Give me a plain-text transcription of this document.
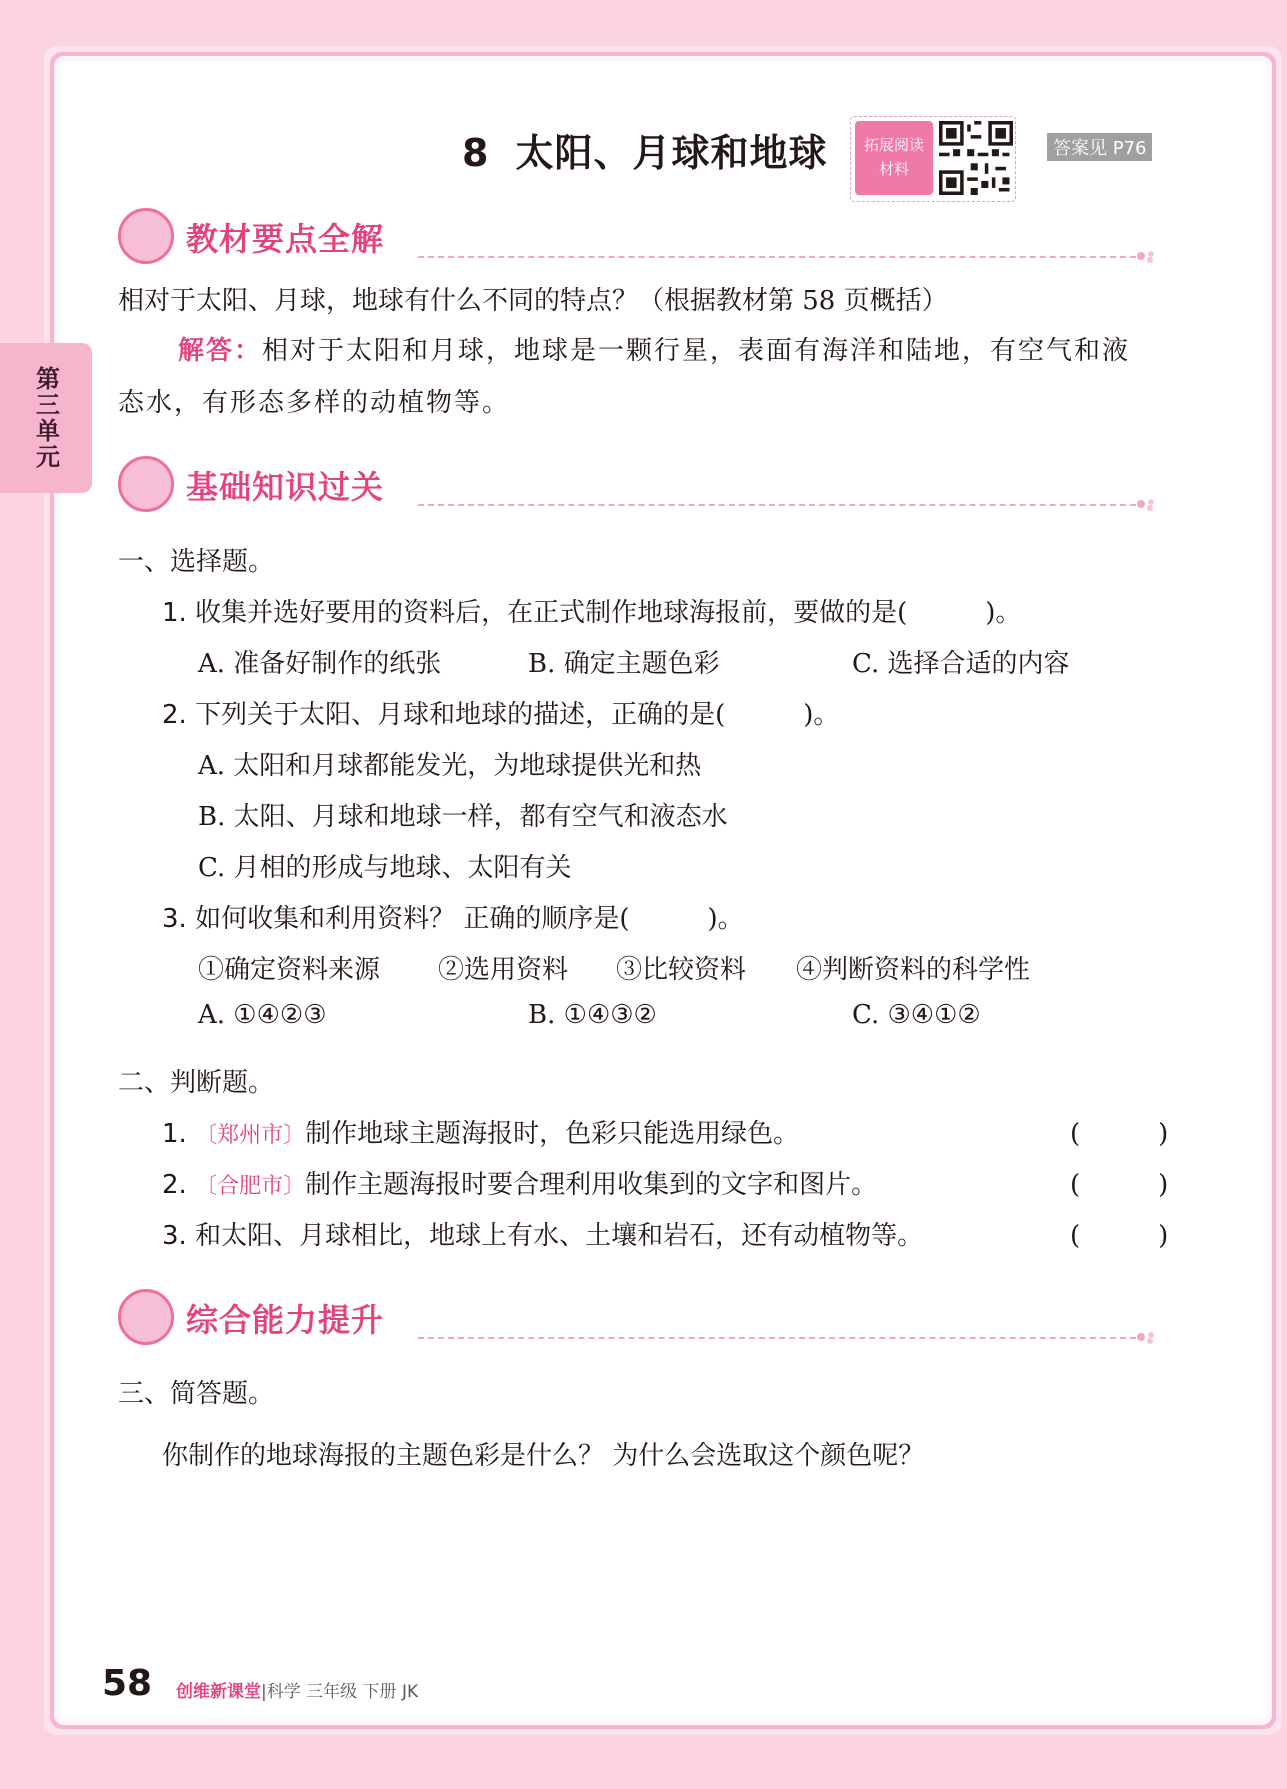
第三单元
8 太阳、月球和地球	拓展阅读
材料
答案见 P76
教材要点全解
相对于太阳、月球，地球有什么不同的特点？（根据教材第 58 页概括）
解答：相对于太阳和月球，地球是一颗行星，表面有海洋和陆地，有空气和液
态水，有形态多样的动植物等。
基础知识过关
一、选择题。
1. 收集并选好要用的资料后，在正式制作地球海报前，要做的是(　　　)。
A. 准备好制作的纸张	B. 确定主题色彩	C. 选择合适的内容
2. 下列关于太阳、月球和地球的描述，正确的是(　　　)。
A. 太阳和月球都能发光，为地球提供光和热
B. 太阳、月球和地球一样，都有空气和液态水
C. 月相的形成与地球、太阳有关
3. 如何收集和利用资料？ 正确的顺序是(　　　)。
①确定资料来源 ②选用资料 ③比较资料 ④判断资料的科学性
A. ①④②③	B. ①④③②	C. ③④①②
二、判断题。
1. 〔郑州市〕制作地球主题海报时，色彩只能选用绿色。	(　　　)
2. 〔合肥市〕制作主题海报时要合理利用收集到的文字和图片。	(　　　)
3. 和太阳、月球相比，地球上有水、土壤和岩石，还有动植物等。	(　　　)
综合能力提升
三、简答题。
你制作的地球海报的主题色彩是什么？ 为什么会选取这个颜色呢？
58 创维新课堂|科学 三年级 下册 JK
